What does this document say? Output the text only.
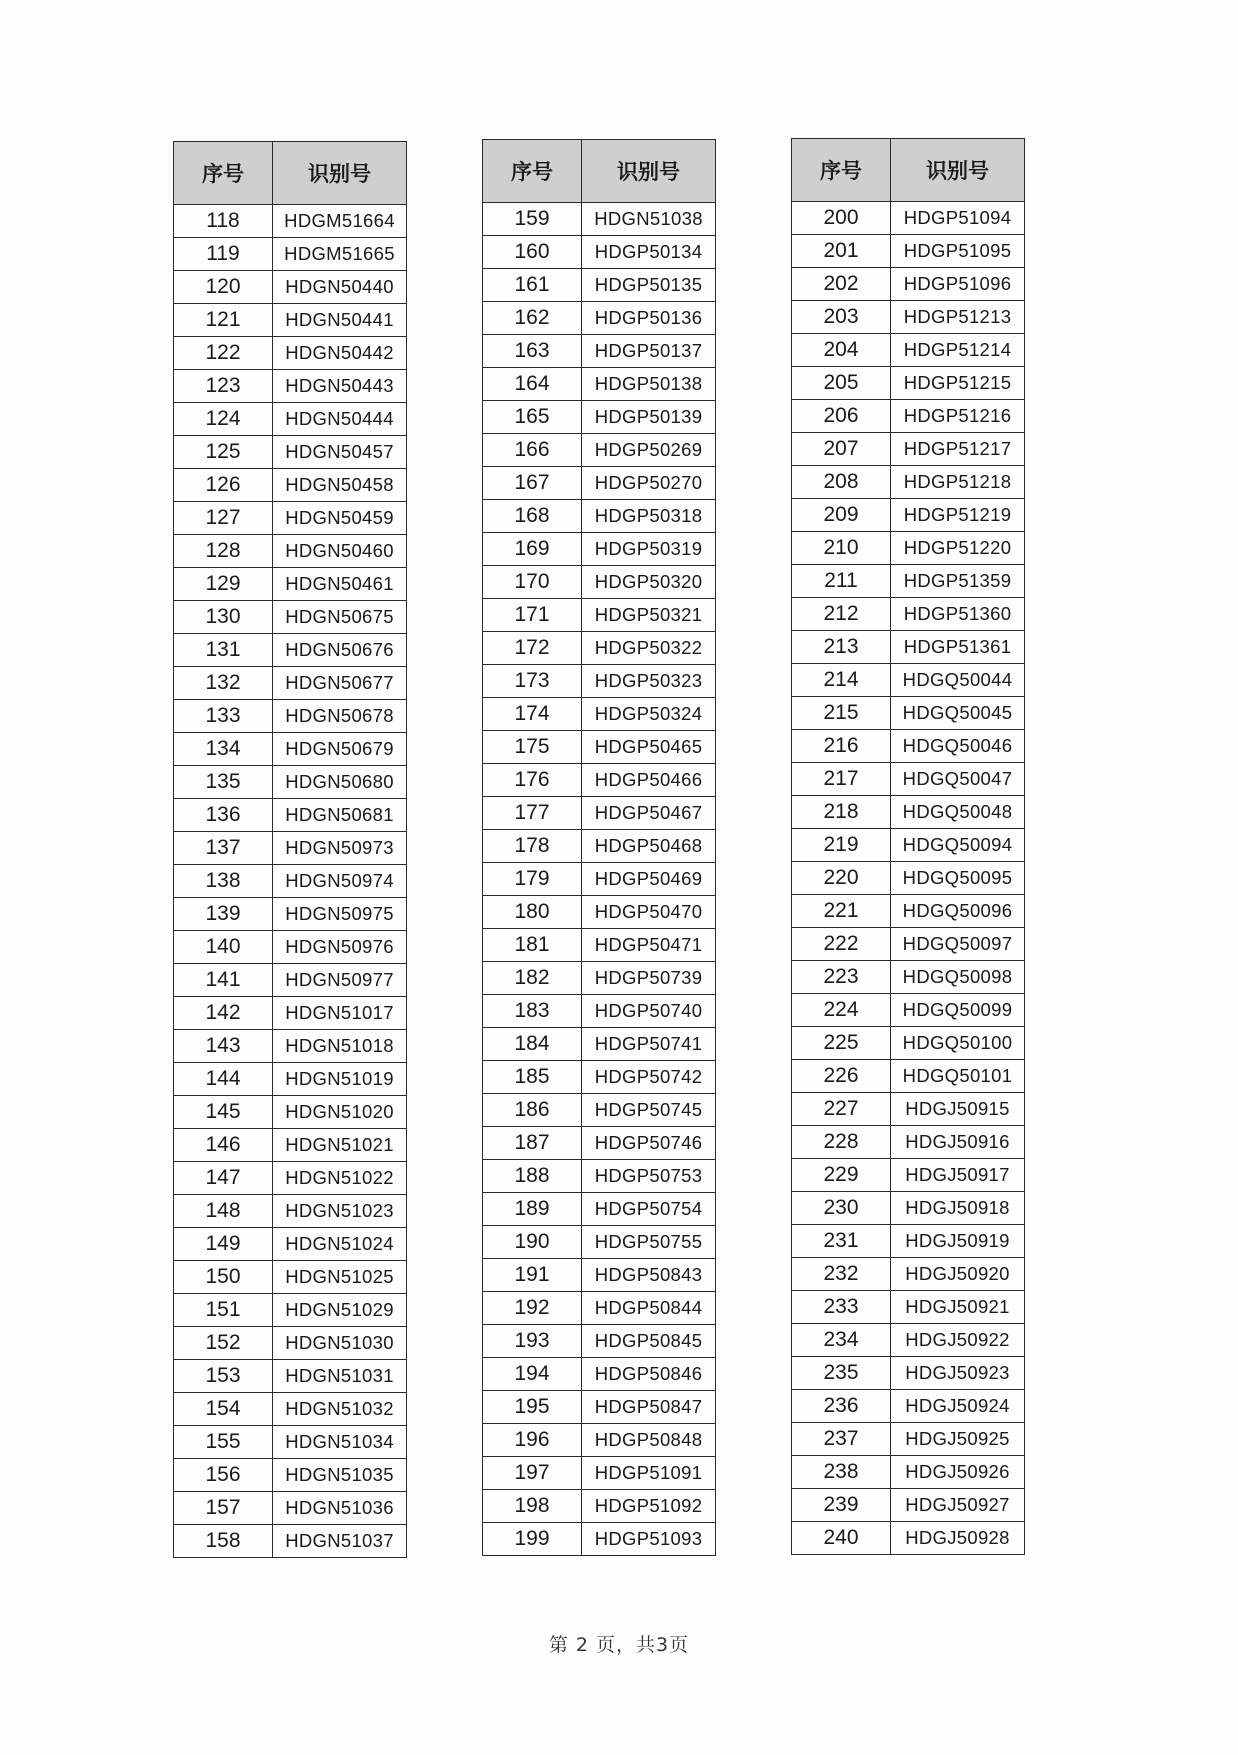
序号	识别号
118	HDGM51664
119	HDGM51665
120	HDGN50440
121	HDGN50441
122	HDGN50442
123	HDGN50443
124	HDGN50444
125	HDGN50457
126	HDGN50458
127	HDGN50459
128	HDGN50460
129	HDGN50461
130	HDGN50675
131	HDGN50676
132	HDGN50677
133	HDGN50678
134	HDGN50679
135	HDGN50680
136	HDGN50681
137	HDGN50973
138	HDGN50974
139	HDGN50975
140	HDGN50976
141	HDGN50977
142	HDGN51017
143	HDGN51018
144	HDGN51019
145	HDGN51020
146	HDGN51021
147	HDGN51022
148	HDGN51023
149	HDGN51024
150	HDGN51025
151	HDGN51029
152	HDGN51030
153	HDGN51031
154	HDGN51032
155	HDGN51034
156	HDGN51035
157	HDGN51036
158	HDGN51037
序号	识别号
159	HDGN51038
160	HDGP50134
161	HDGP50135
162	HDGP50136
163	HDGP50137
164	HDGP50138
165	HDGP50139
166	HDGP50269
167	HDGP50270
168	HDGP50318
169	HDGP50319
170	HDGP50320
171	HDGP50321
172	HDGP50322
173	HDGP50323
174	HDGP50324
175	HDGP50465
176	HDGP50466
177	HDGP50467
178	HDGP50468
179	HDGP50469
180	HDGP50470
181	HDGP50471
182	HDGP50739
183	HDGP50740
184	HDGP50741
185	HDGP50742
186	HDGP50745
187	HDGP50746
188	HDGP50753
189	HDGP50754
190	HDGP50755
191	HDGP50843
192	HDGP50844
193	HDGP50845
194	HDGP50846
195	HDGP50847
196	HDGP50848
197	HDGP51091
198	HDGP51092
199	HDGP51093
序号	识别号
200	HDGP51094
201	HDGP51095
202	HDGP51096
203	HDGP51213
204	HDGP51214
205	HDGP51215
206	HDGP51216
207	HDGP51217
208	HDGP51218
209	HDGP51219
210	HDGP51220
211	HDGP51359
212	HDGP51360
213	HDGP51361
214	HDGQ50044
215	HDGQ50045
216	HDGQ50046
217	HDGQ50047
218	HDGQ50048
219	HDGQ50094
220	HDGQ50095
221	HDGQ50096
222	HDGQ50097
223	HDGQ50098
224	HDGQ50099
225	HDGQ50100
226	HDGQ50101
227	HDGJ50915
228	HDGJ50916
229	HDGJ50917
230	HDGJ50918
231	HDGJ50919
232	HDGJ50920
233	HDGJ50921
234	HDGJ50922
235	HDGJ50923
236	HDGJ50924
237	HDGJ50925
238	HDGJ50926
239	HDGJ50927
240	HDGJ50928
第 2 页，共3页
